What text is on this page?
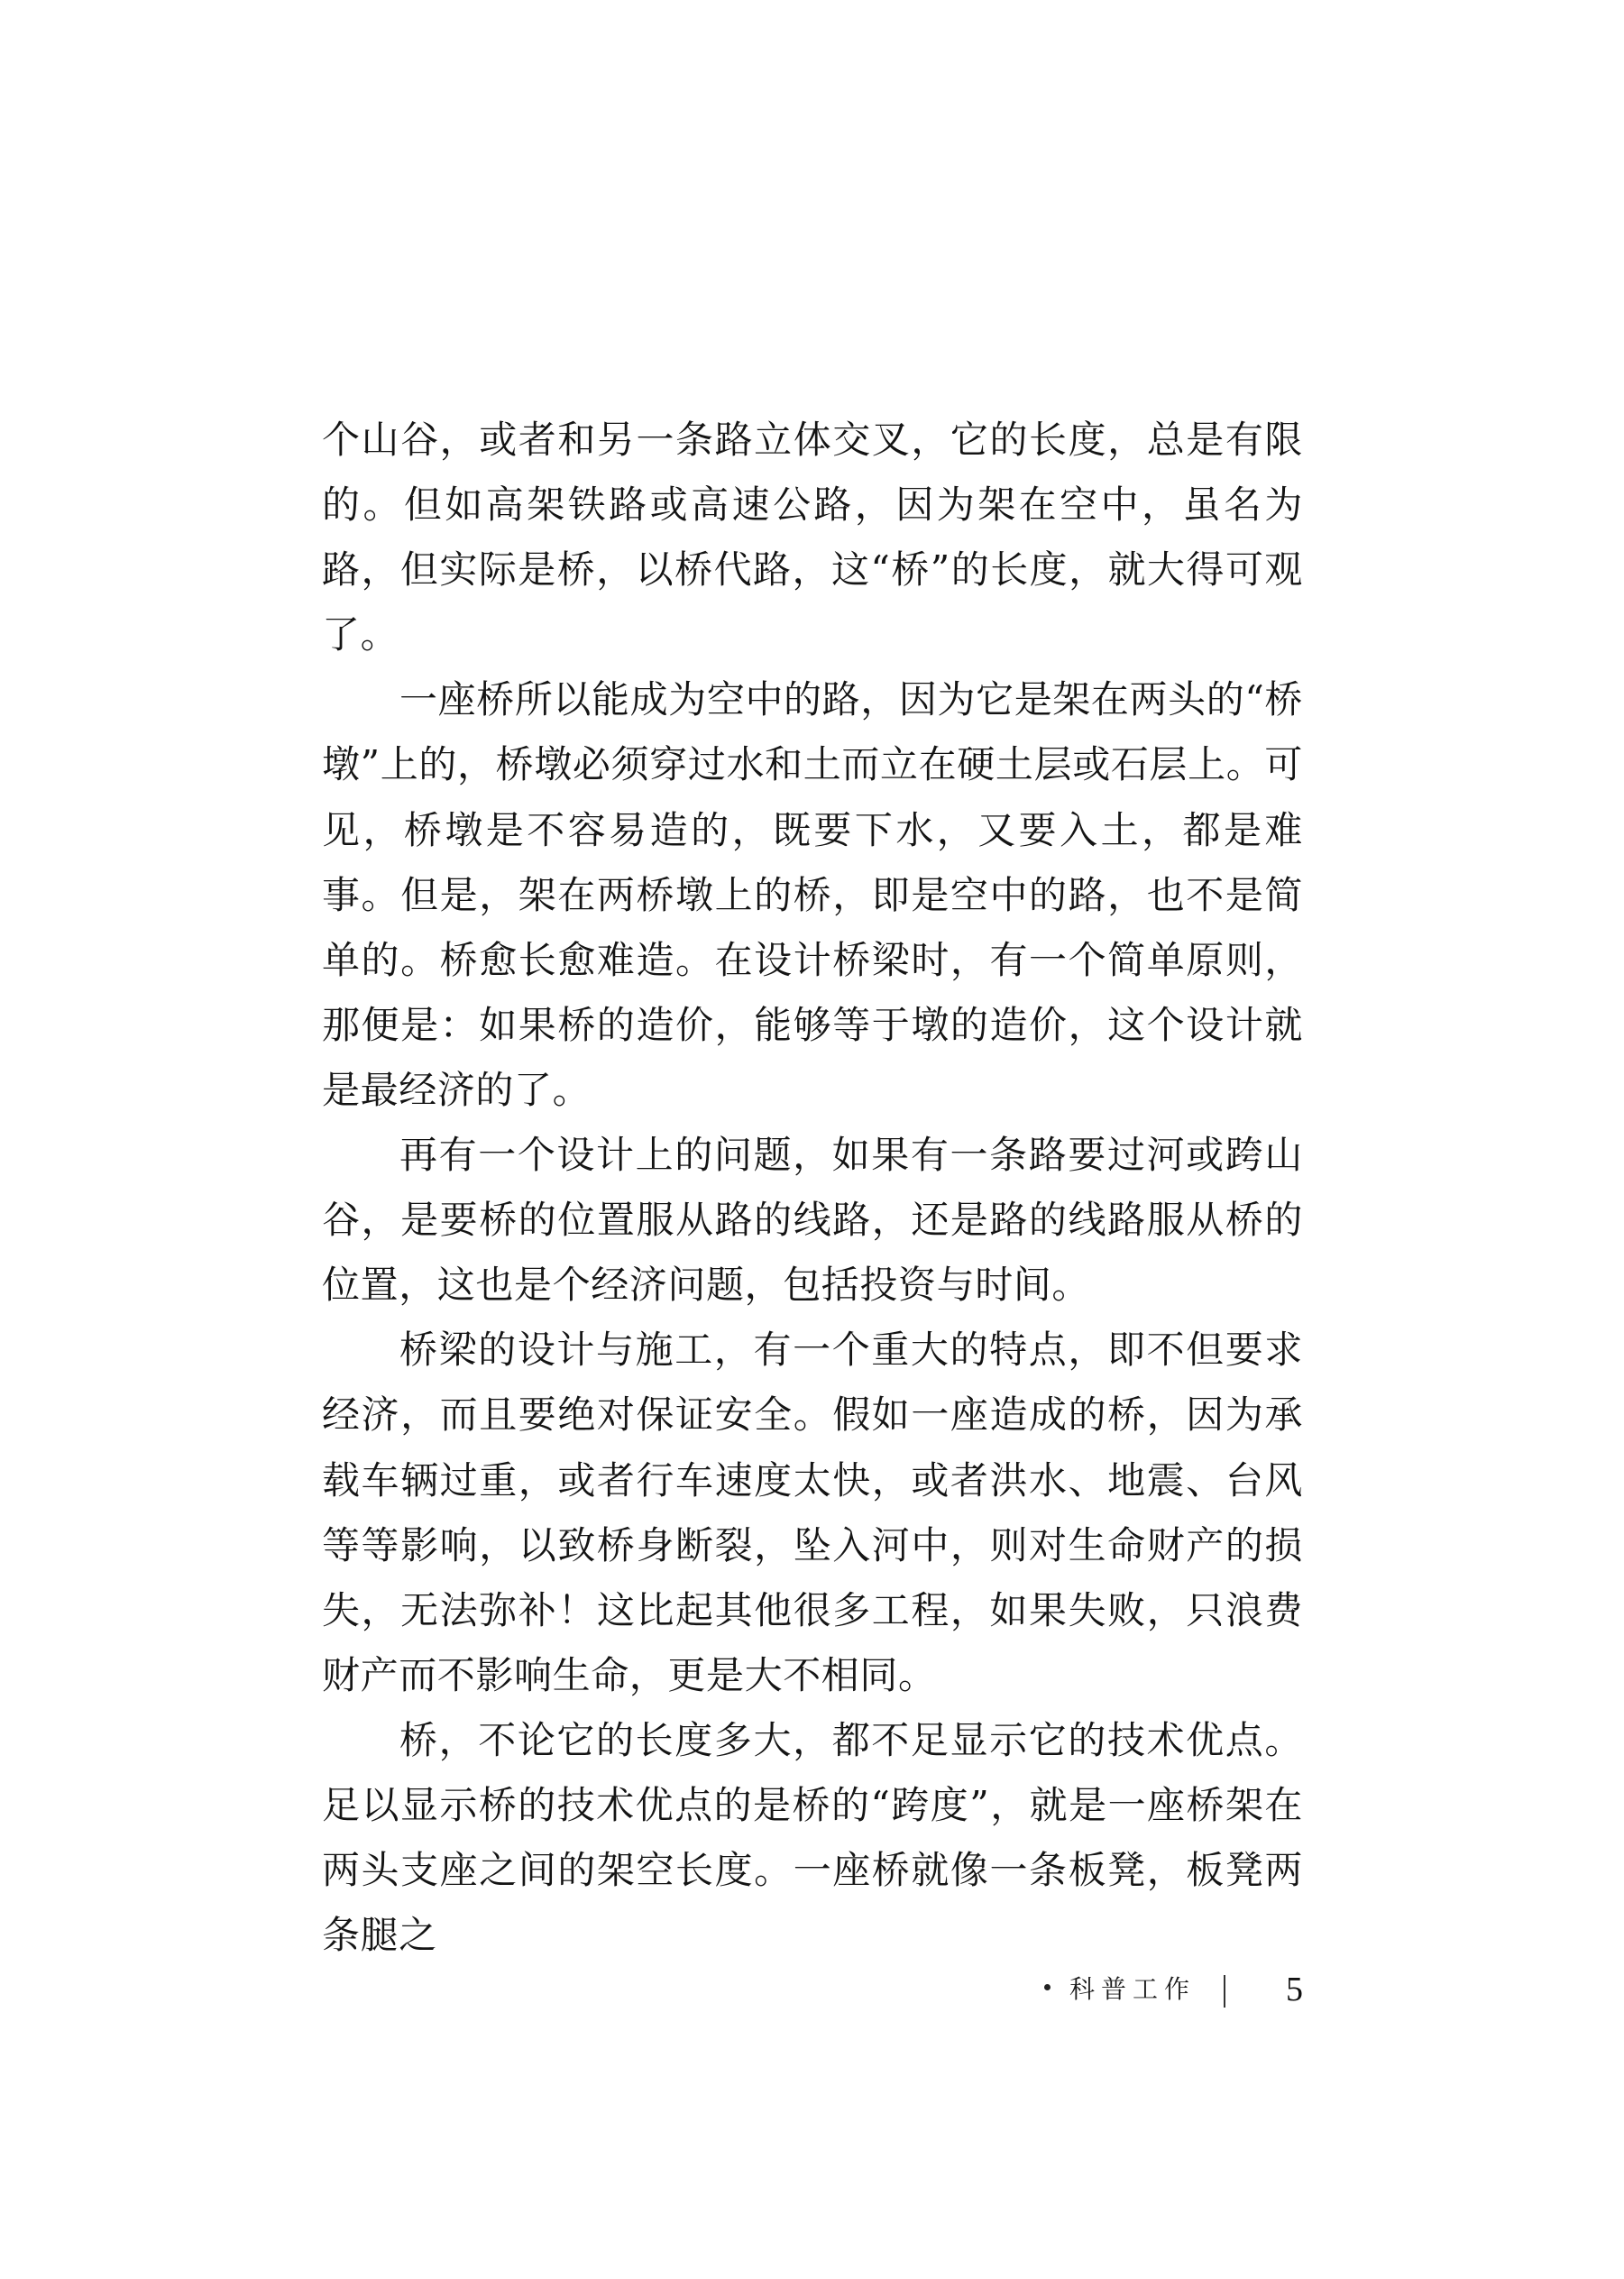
个山谷，或者和另一条路立体交叉，它的长度，总是有限的。但如高架铁路或高速公路，因为架在空中，虽名为路，但实际是桥，以桥代路，这“桥”的长度，就大得可观了。

一座桥所以能成为空中的路，因为它是架在两头的“桥墩”上的，桥墩必须穿过水和土而立在硬土层或石层上。可见，桥墩是不容易造的，既要下水，又要入土，都是难事。但是，架在两桥墩上的桥，即是空中的路，也不是简单的。桥愈长愈难造。在设计桥梁时，有一个简单原则，那便是：如果桥的造价，能够等于墩的造价，这个设计就是最经济的了。

再有一个设计上的问题，如果有一条路要过河或跨山谷，是要桥的位置服从路的线路，还是路的线路服从桥的位置，这也是个经济问题，包括投资与时间。

桥梁的设计与施工，有一个重大的特点，即不但要求经济，而且要绝对保证安全。假如一座造成的桥，因为承载车辆过重，或者行车速度太快，或者洪水、地震、台风等等影响，以致桥身断裂，坠入河中，则对生命财产的损失，无法弥补！这比起其他很多工程，如果失败，只浪费财产而不影响生命，更是大不相同。

桥，不论它的长度多大，都不足显示它的技术优点。足以显示桥的技术优点的是桥的“跨度”，就是一座桥架在两头支座之间的架空长度。一座桥就像一条板凳，板凳两条腿之

科普工作	5
